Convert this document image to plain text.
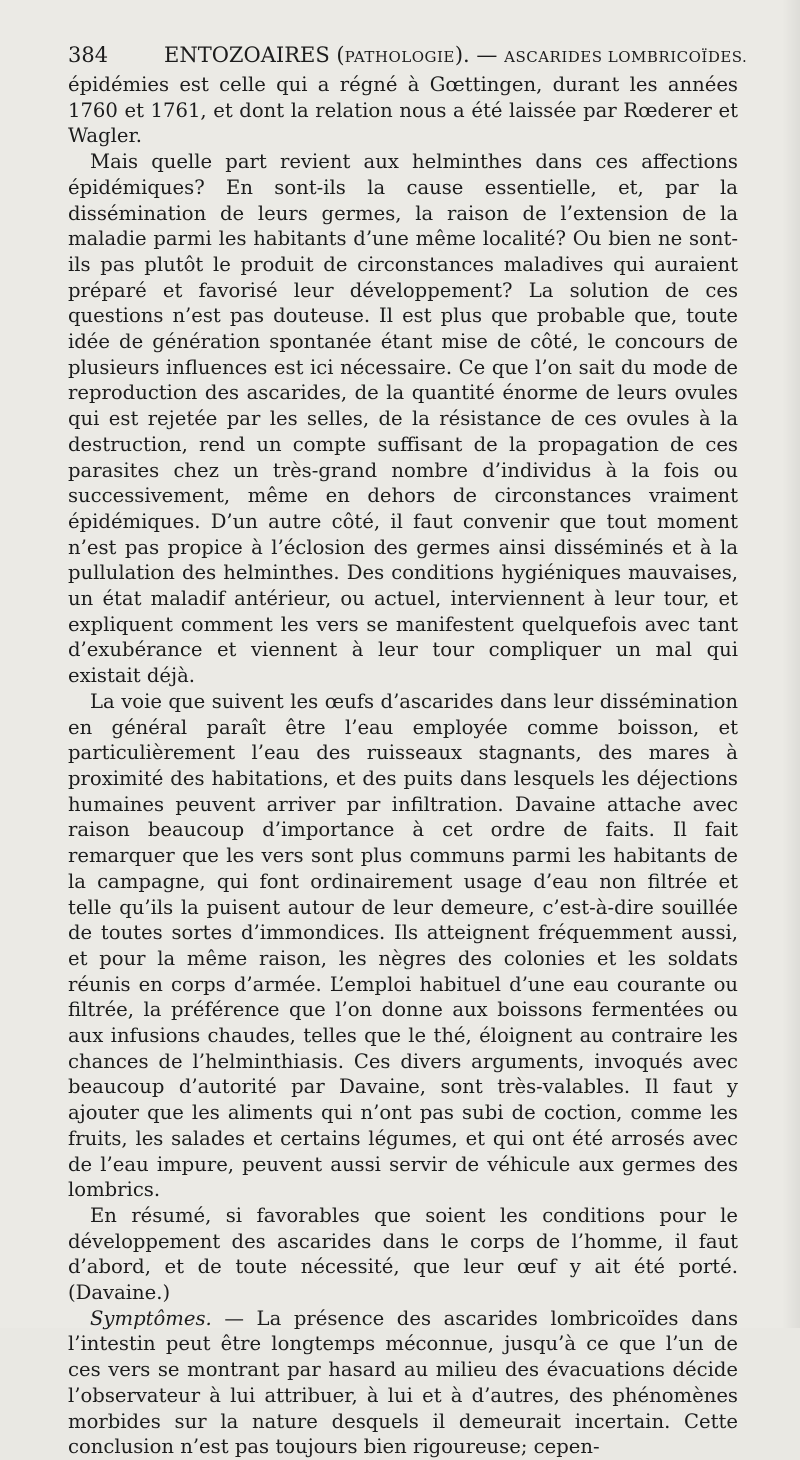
384	ENTOZOAIRES (PATHOLOGIE). — ASCARIDES LOMBRICOÏDES.

épidémies est celle qui a régné à Gœttingen, durant les années 1760 et 1761, et dont la relation nous a été laissée par Rœderer et Wagler.

Mais quelle part revient aux helminthes dans ces affections épidémiques? En sont-ils la cause essentielle, et, par la dissémination de leurs germes, la raison de l’extension de la maladie parmi les habitants d’une même localité? Ou bien ne sont-ils pas plutôt le produit de circonstances maladives qui auraient préparé et favorisé leur développement? La solution de ces questions n’est pas douteuse. Il est plus que probable que, toute idée de génération spontanée étant mise de côté, le concours de plusieurs influences est ici nécessaire. Ce que l’on sait du mode de reproduction des ascarides, de la quantité énorme de leurs ovules qui est rejetée par les selles, de la résistance de ces ovules à la destruction, rend un compte suffisant de la propagation de ces parasites chez un très-grand nombre d’individus à la fois ou successivement, même en dehors de circonstances vraiment épidémiques. D’un autre côté, il faut convenir que tout moment n’est pas propice à l’éclosion des germes ainsi disséminés et à la pullulation des helminthes. Des conditions hygiéniques mauvaises, un état maladif antérieur, ou actuel, interviennent à leur tour, et expliquent comment les vers se manifestent quelquefois avec tant d’exubérance et viennent à leur tour compliquer un mal qui existait déjà.

La voie que suivent les œufs d’ascarides dans leur dissémination en général paraît être l’eau employée comme boisson, et particulièrement l’eau des ruisseaux stagnants, des mares à proximité des habitations, et des puits dans lesquels les déjections humaines peuvent arriver par infiltration. Davaine attache avec raison beaucoup d’importance à cet ordre de faits. Il fait remarquer que les vers sont plus communs parmi les habitants de la campagne, qui font ordinairement usage d’eau non filtrée et telle qu’ils la puisent autour de leur demeure, c’est-à-dire souillée de toutes sortes d’immondices. Ils atteignent fréquemment aussi, et pour la même raison, les nègres des colonies et les soldats réunis en corps d’armée. L’emploi habituel d’une eau courante ou filtrée, la préférence que l’on donne aux boissons fermentées ou aux infusions chaudes, telles que le thé, éloignent au contraire les chances de l’helminthiasis. Ces divers arguments, invoqués avec beaucoup d’autorité par Davaine, sont très-valables. Il faut y ajouter que les aliments qui n’ont pas subi de coction, comme les fruits, les salades et certains légumes, et qui ont été arrosés avec de l’eau impure, peuvent aussi servir de véhicule aux germes des lombrics.

En résumé, si favorables que soient les conditions pour le développement des ascarides dans le corps de l’homme, il faut d’abord, et de toute nécessité, que leur œuf y ait été porté. (Davaine.)

Symptômes. — La présence des ascarides lombricoïdes dans l’intestin peut être longtemps méconnue, jusqu’à ce que l’un de ces vers se montrant par hasard au milieu des évacuations décide l’observateur à lui attribuer, à lui et à d’autres, des phénomènes morbides sur la nature desquels il demeurait incertain. Cette conclusion n’est pas toujours bien rigoureuse; cepen-
